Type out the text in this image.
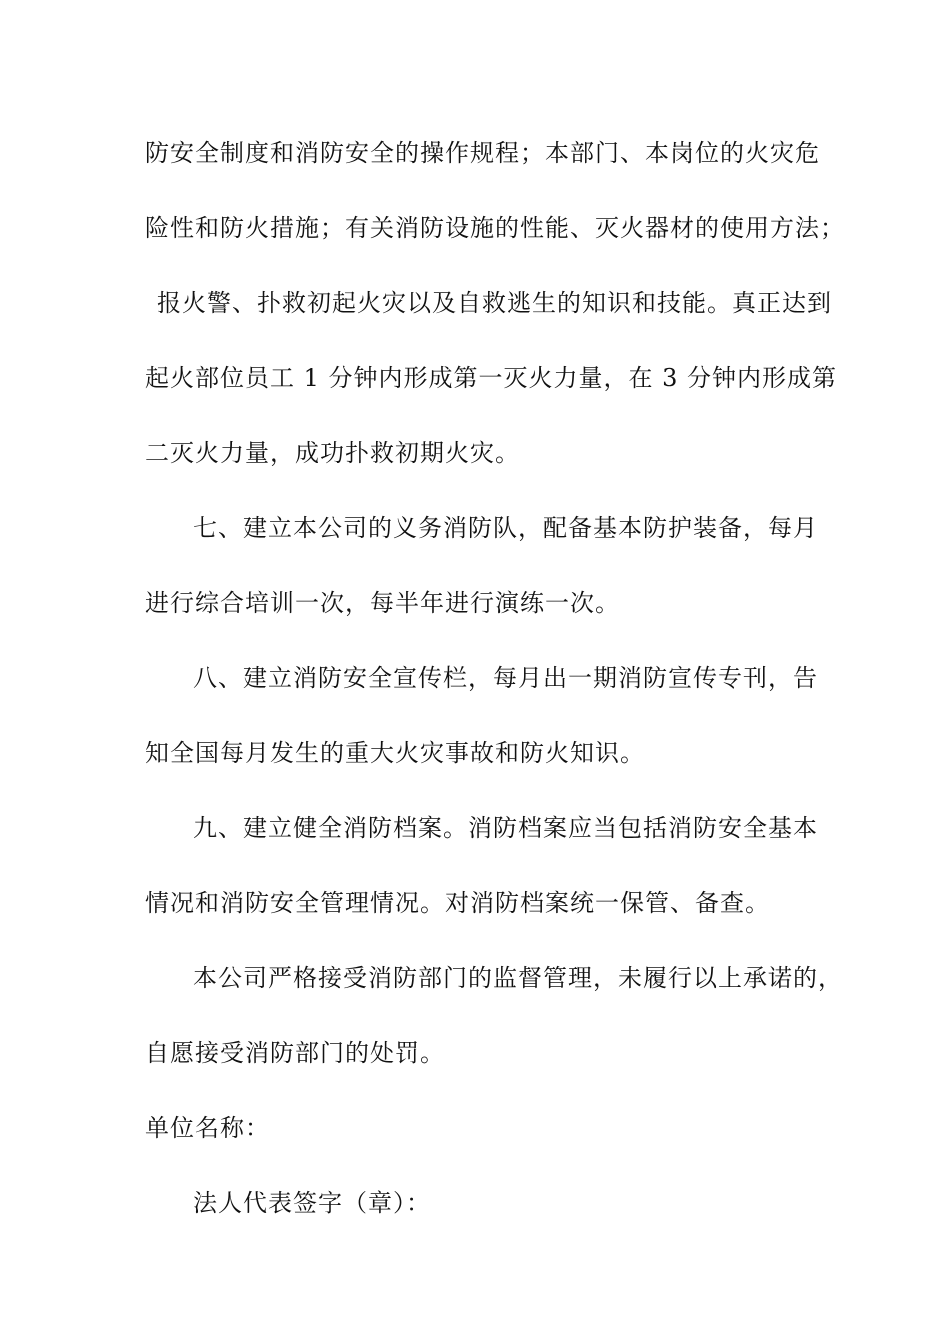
防安全制度和消防安全的操作规程；本部门、本岗位的火灾危
险性和防火措施；有关消防设施的性能、灭火器材的使用方法；
报火警、扑救初起火灾以及自救逃生的知识和技能。真正达到
起火部位员工 1 分钟内形成第一灭火力量，在 3 分钟内形成第
二灭火力量，成功扑救初期火灾。
七、建立本公司的义务消防队，配备基本防护装备，每月
进行综合培训一次，每半年进行演练一次。
八、建立消防安全宣传栏，每月出一期消防宣传专刊，告
知全国每月发生的重大火灾事故和防火知识。
九、建立健全消防档案。消防档案应当包括消防安全基本
情况和消防安全管理情况。对消防档案统一保管、备查。
本公司严格接受消防部门的监督管理，未履行以上承诺的，
自愿接受消防部门的处罚。
单位名称：
法人代表签字（章）：
